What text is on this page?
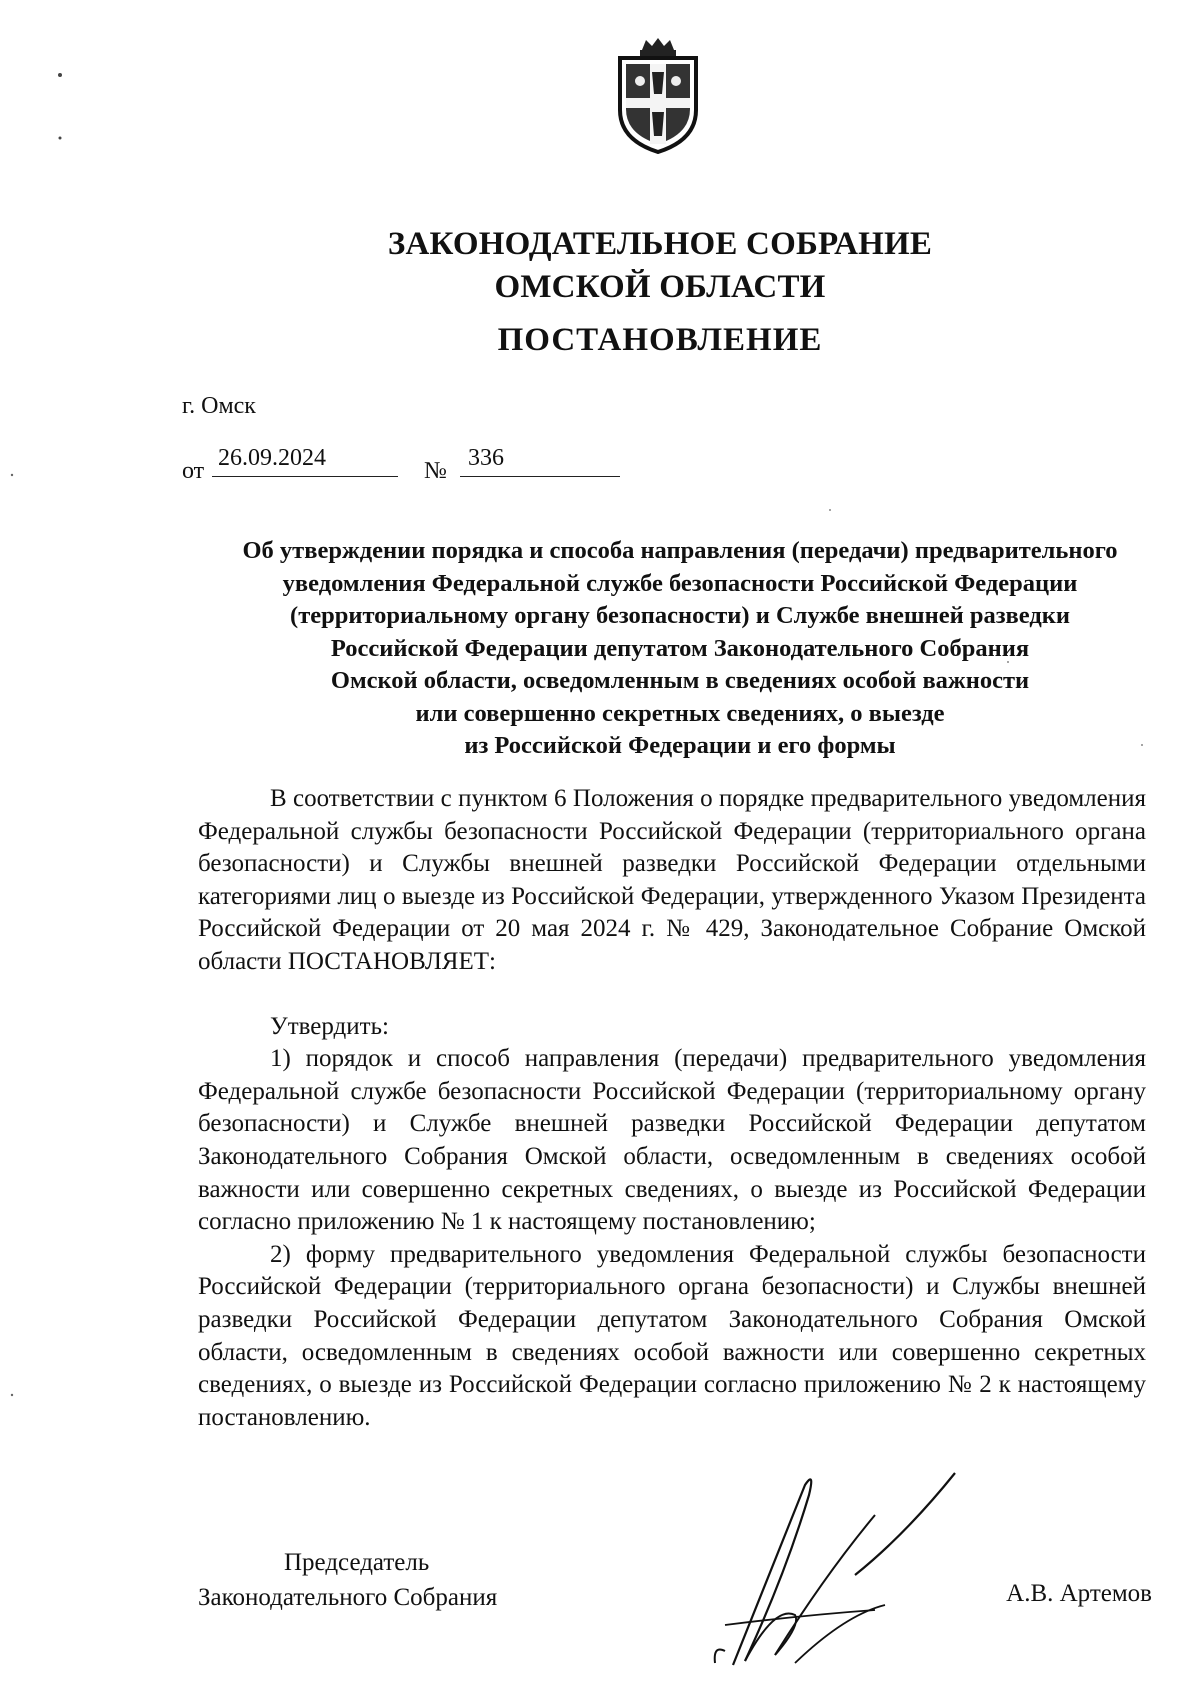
ЗАКОНОДАТЕЛЬНОЕ СОБРАНИЕ
ОМСКОЙ ОБЛАСТИ
ПОСТАНОВЛЕНИЕ
г. Омск
от 26.09.2024	№ 336
Об утверждении порядка и способа направления (передачи) предварительного
уведомления Федеральной службе безопасности Российской Федерации
(территориальному органу безопасности) и Службе внешней разведки
Российской Федерации депутатом Законодательного Собрания
Омской области, осведомленным в сведениях особой важности
или совершенно секретных сведениях, о выезде
из Российской Федерации и его формы

В соответствии с пунктом 6 Положения о порядке предварительного уведомления Федеральной службы безопасности Российской Федерации (территориального органа безопасности) и Службы внешней разведки Российской Федерации отдельными категориями лиц о выезде из Российской Федерации, утвержденного Указом Президента Российской Федерации от 20 мая 2024 г. № 429, Законодательное Собрание Омской области ПОСТАНОВЛЯЕТ:

Утвердить:

1) порядок и способ направления (передачи) предварительного уведомления Федеральной службе безопасности Российской Федерации (территориальному органу безопасности) и Службе внешней разведки Российской Федерации депутатом Законодательного Собрания Омской области, осведомленным в сведениях особой важности или совершенно секретных сведениях, о выезде из Российской Федерации согласно приложению № 1 к настоящему постановлению;

2) форму предварительного уведомления Федеральной службы безопасности Российской Федерации (территориального органа безопасности) и Службы внешней разведки Российской Федерации депутатом Законодательного Собрания Омской области, осведомленным в сведениях особой важности или совершенно секретных сведениях, о выезде из Российской Федерации согласно приложению № 2 к настоящему постановлению.

Председатель
Законодательного Собрания	А.В. Артемов
